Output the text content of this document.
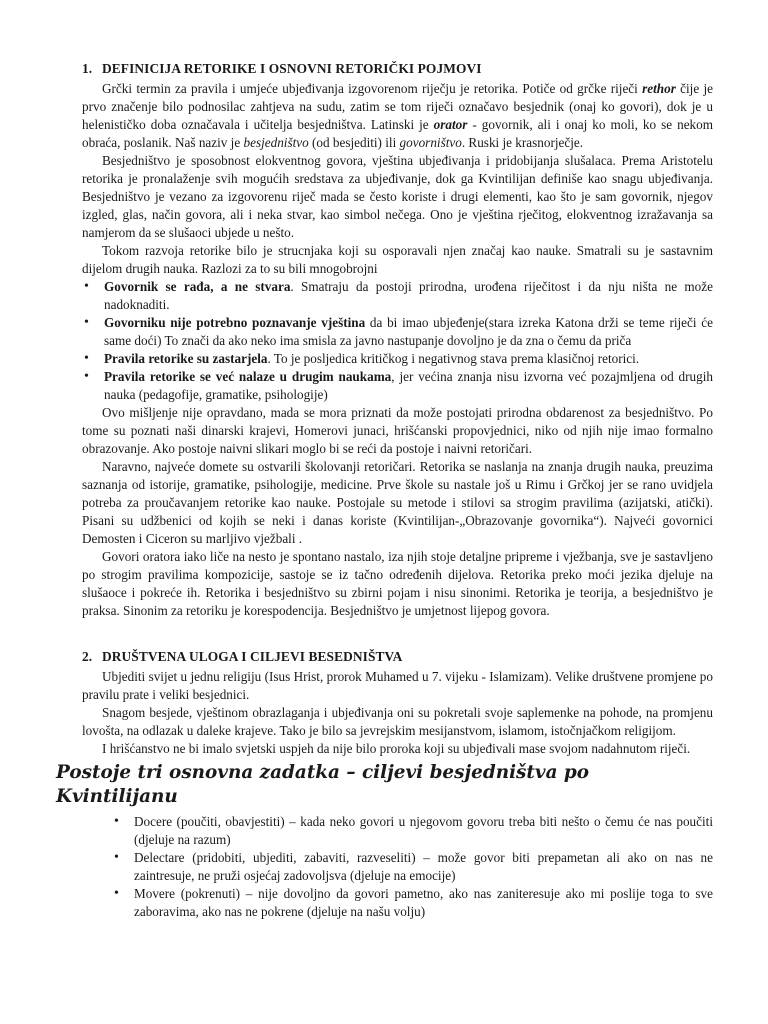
1. DEFINICIJA RETORIKE I OSNOVNI RETORIČKI POJMOVI

Grčki termin za pravila i umjeće ubjeđivanja izgovorenom riječju je retorika. Potiče od grčke riječi rethor čije je prvo značenje bilo podnosilac zahtjeva na sudu, zatim se tom riječi označavo besjednik (onaj ko govori), dok je u helenističko doba označavala i učitelja besjedništva. Latinski je orator - govornik, ali i onaj ko moli, ko se nekom obraća, poslanik. Naš naziv je besjedništvo (od besjediti) ili govorništvo. Ruski je krasnorječje.

Besjedništvo je sposobnost elokventnog govora, vještina ubjeđivanja i pridobijanja slušalaca. Prema Aristotelu retorika je pronalaženje svih mogućih sredstava za ubjeđivanje, dok ga Kvintilijan definiše kao snagu ubjeđivanja. Besjedništvo je vezano za izgovorenu riječ mada se često koriste i drugi elementi, kao što je sam govornik, njegov izgled, glas, način govora, ali i neka stvar, kao simbol nečega. Ono je vještina rječitog, elokventnog izražavanja sa namjerom da se slušaoci ubjede u nešto.

Tokom razvoja retorike bilo je strucnjaka koji su osporavali njen značaj kao nauke. Smatrali su je sastavnim dijelom drugih nauka. Razlozi za to su bili mnogobrojni

• Govornik se rađa, a ne stvara. Smatraju da postoji prirodna, urođena riječitost i da nju ništa ne može nadoknaditi.
• Govorniku nije potrebno poznavanje vještina da bi imao ubjeđenje(stara izreka Katona drži se teme riječi će same doći) To znači da ako neko ima smisla za javno nastupanje dovoljno je da zna o čemu da priča
• Pravila retorike su zastarjela. To je posljedica kritičkog i negativnog stava prema klasičnoj retorici.
• Pravila retorike se već nalaze u drugim naukama, jer većina znanja nisu izvorna već pozajmljena od drugih nauka (pedagofije, gramatike, psihologije)

Ovo mišljenje nije opravdano, mada se mora priznati da može postojati prirodna obdarenost za besjedništvo. Po tome su poznati naši dinarski krajevi, Homerovi junaci, hrišćanski propovjednici, niko od njih nije imao formalno obrazovanje. Ako postoje naivni slikari moglo bi se reći da postoje i naivni retoričari.

Naravno, najveće domete su ostvarili školovanji retoričari. Retorika se naslanja na znanja drugih nauka, preuzima saznanja od istorije, gramatike, psihologije, medicine. Prve škole su nastale još u Rimu i Grčkoj jer se rano uvidjela potreba za proučavanjem retorike kao nauke. Postojale su metode i stilovi sa strogim pravilima (azijatski, atički). Pisani su udžbenici od kojih se neki i danas koriste (Kvintilijan-„Obrazovanje govornika“). Najveći govornici Demosten i Ciceron su marljivo vježbali .

Govori oratora iako liče na nesto je spontano nastalo, iza njih stoje detaljne pripreme i vježbanja, sve je sastavljeno po strogim pravilima kompozicije, sastoje se iz tačno određenih dijelova. Retorika preko moći jezika djeluje na slušaoce i pokreće ih. Retorika i besjedništvo su zbirni pojam i nisu sinonimi. Retorika je teorija, a besjedništvo je praksa. Sinonim za retoriku je korespodencija. Besjedništvo je umjetnost lijepog govora.

2. DRUŠTVENA ULOGA I CILJEVI BESEDNIŠTVA

Ubjediti svijet u jednu religiju (Isus Hrist, prorok Muhamed u 7. vijeku - Islamizam). Velike društvene promjene po pravilu prate i veliki besjednici.

Snagom besjede, vještinom obrazlaganja i ubjeđivanja oni su pokretali svoje saplemenke na pohode, na promjenu lovošta, na odlazak u daleke krajeve. Tako je bilo sa jevrejskim mesijanstvom, islamom, istočnjačkom religijom.

I hrišćanstvo ne bi imalo svjetski uspjeh da nije bilo proroka koji su ubjeđivali mase svojom nadahnutom riječi.

Postoje tri osnovna zadatka – ciljevi besjedništva po Kvintilijanu
• Docere (poučiti, obavjestiti) – kada neko govori u njegovom govoru treba biti nešto o čemu će nas poučiti (djeluje na razum)
• Delectare (pridobiti, ubjediti, zabaviti, razveseliti) – može govor biti prepametan ali ako on nas ne zaintresuje, ne pruži osjećaj zadovoljsva (djeluje na emocije)
• Movere (pokrenuti) – nije dovoljno da govori pametno, ako nas zaniteresuje ako mi poslije toga to sve zaboravima, ako nas ne pokrene (djeluje na našu volju)
